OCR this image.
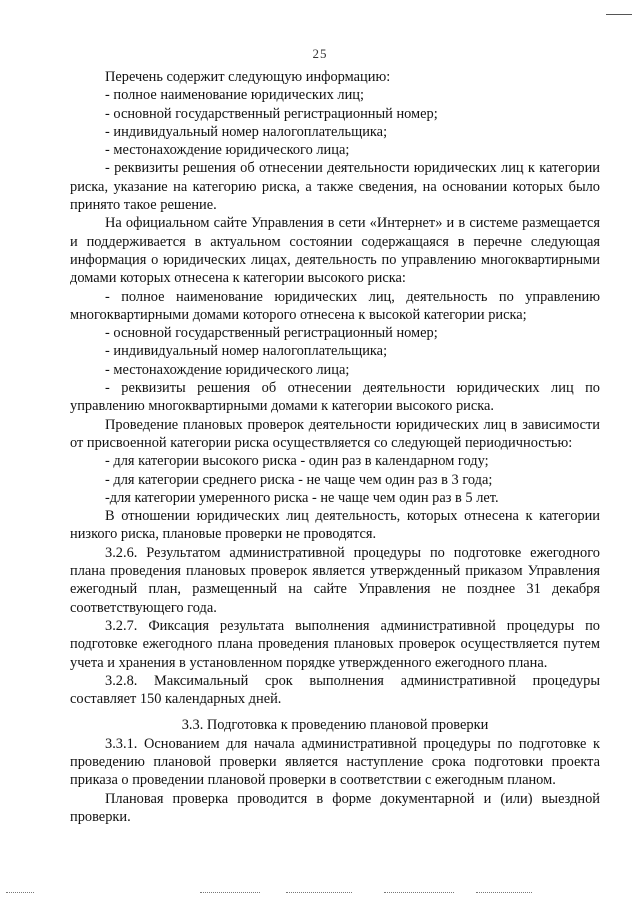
25

Перечень содержит следующую информацию:

- полное наименование юридических лиц;

- основной государственный регистрационный номер;

- индивидуальный номер налогоплательщика;

- местонахождение юридического лица;

- реквизиты решения об отнесении деятельности юридических лиц к категории риска, указание на категорию риска, а также сведения, на основании которых было принято такое решение.

На официальном сайте Управления в сети «Интернет» и в системе размещается и поддерживается в актуальном состоянии содержащаяся в перечне следующая информация о юридических лицах, деятельность по управлению многоквартирными домами которых отнесена к категории высокого риска:

- полное наименование юридических лиц, деятельность по управлению многоквартирными домами которого отнесена к высокой категории риска;

- основной государственный регистрационный номер;

- индивидуальный номер налогоплательщика;

- местонахождение юридического лица;

- реквизиты решения об отнесении деятельности юридических лиц по управлению многоквартирными домами к категории высокого риска.

Проведение плановых проверок деятельности юридических лиц в зависимости от присвоенной категории риска осуществляется со следующей периодичностью:

- для категории высокого риска - один раз в календарном году;

- для категории среднего риска - не чаще чем один раз в 3 года;

-для категории умеренного риска - не чаще чем один раз в 5 лет.

В отношении юридических лиц деятельность, которых отнесена к категории низкого риска, плановые проверки не проводятся.

3.2.6. Результатом административной процедуры по подготовке ежегодного плана проведения плановых проверок является утвержденный приказом Управления ежегодный план, размещенный на сайте Управления не позднее 31 декабря соответствующего года.

3.2.7. Фиксация результата выполнения административной процедуры по подготовке ежегодного плана проведения плановых проверок осуществляется путем учета и хранения в установленном порядке утвержденного ежегодного плана.

3.2.8. Максимальный срок выполнения административной процедуры составляет 150 календарных дней.

3.3. Подготовка к проведению плановой проверки

3.3.1. Основанием для начала административной процедуры по подготовке к проведению плановой проверки является наступление срока подготовки проекта приказа о проведении плановой проверки в соответствии с ежегодным планом.

Плановая проверка проводится в форме документарной и (или) выездной проверки.
